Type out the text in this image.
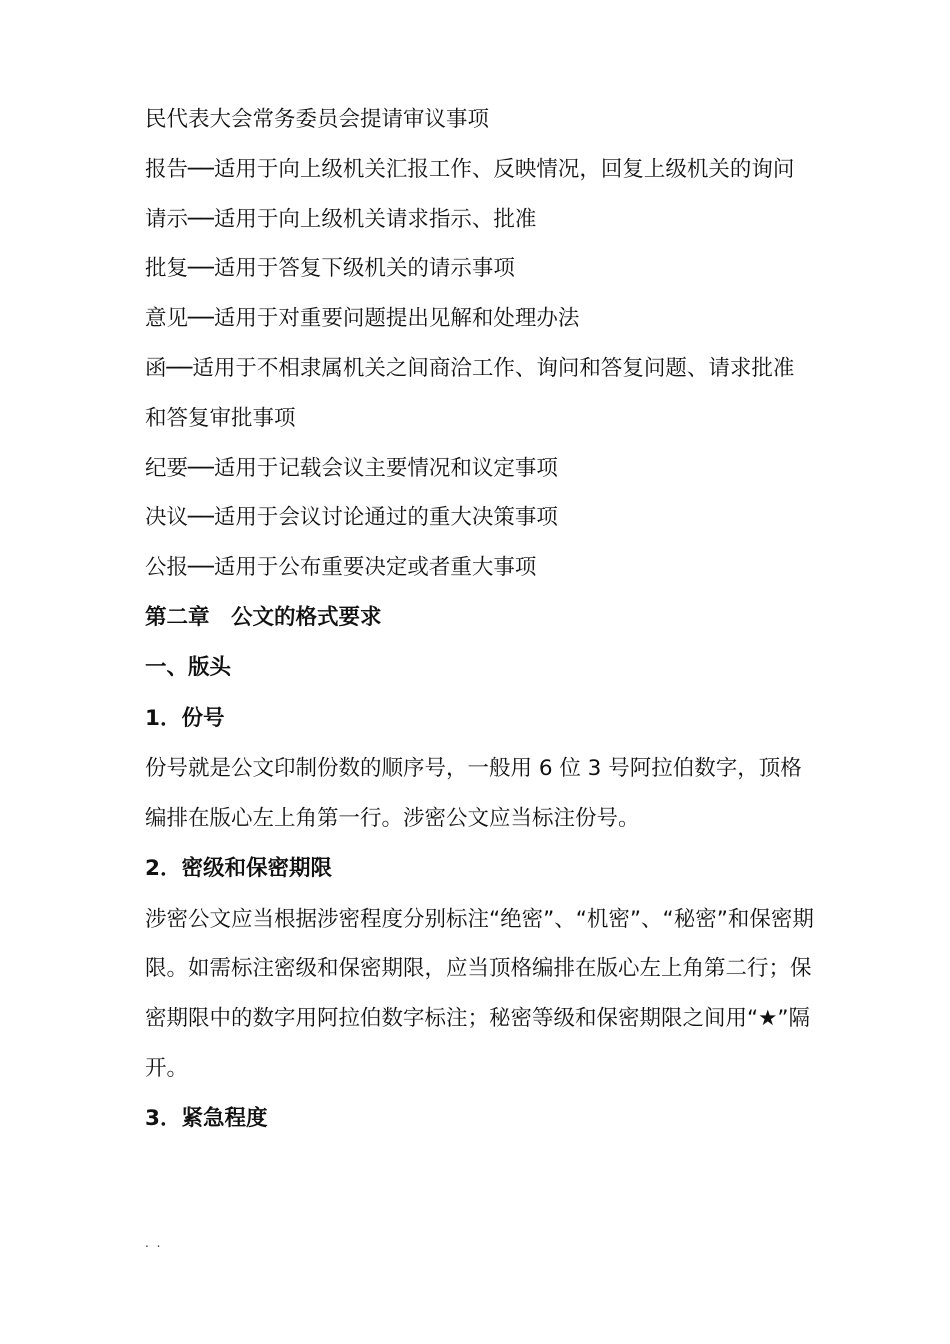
民代表大会常务委员会提请审议事项

报告──适用于向上级机关汇报工作、反映情况，回复上级机关的询问

请示──适用于向上级机关请求指示、批准

批复──适用于答复下级机关的请示事项

意见──适用于对重要问题提出见解和处理办法

函──适用于不相隶属机关之间商洽工作、询问和答复问题、请求批准和答复审批事项

纪要──适用于记载会议主要情况和议定事项

决议──适用于会议讨论通过的重大决策事项

公报──适用于公布重要决定或者重大事项

第二章　公文的格式要求

一、版头

1．份号

份号就是公文印制份数的顺序号，一般用 6 位 3 号阿拉伯数字，顶格编排在版心左上角第一行。涉密公文应当标注份号。

2．密级和保密期限

涉密公文应当根据涉密程度分别标注“绝密”、“机密”、“秘密”和保密期限。如需标注密级和保密期限，应当顶格编排在版心左上角第二行；保密期限中的数字用阿拉伯数字标注；秘密等级和保密期限之间用“★”隔开。

3．紧急程度

. .
